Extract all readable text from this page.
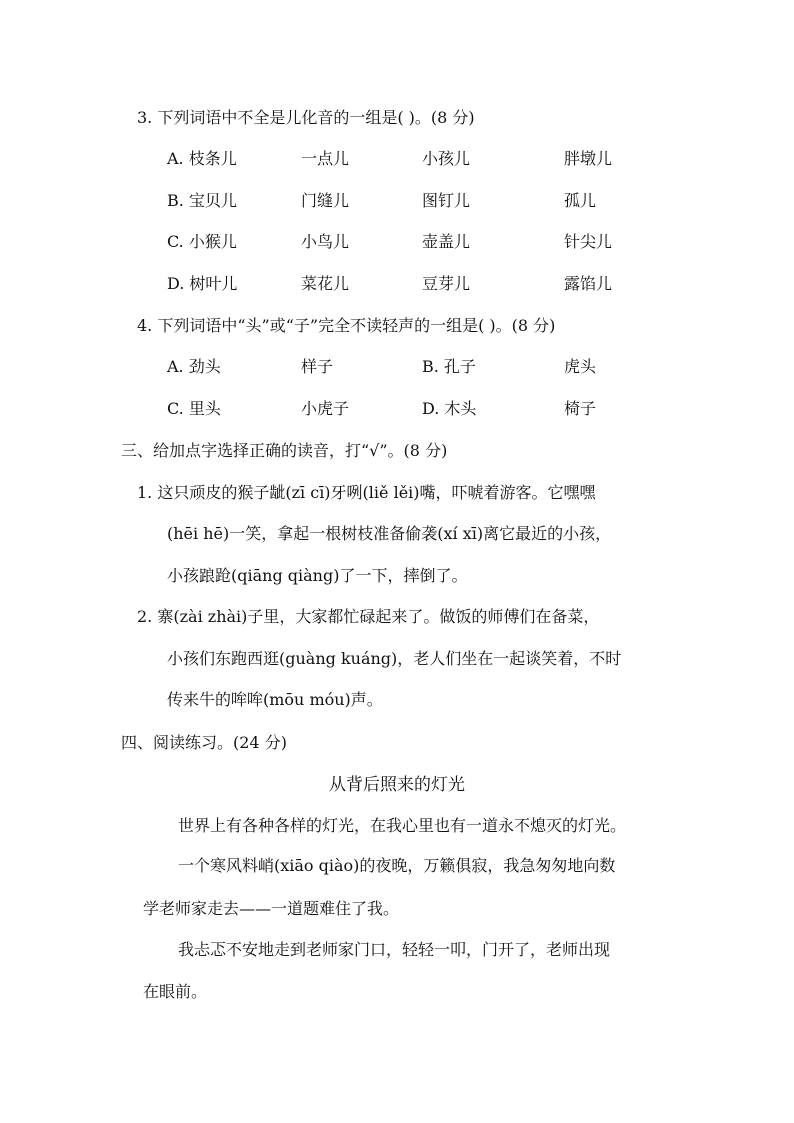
3. 下列词语中不全是儿化音的一组是( )。(8 分)
A. 枝条儿	一点儿	小孩儿	胖墩儿
B. 宝贝儿	门缝儿	图钉儿	孤儿
C. 小猴儿	小鸟儿	壶盖儿	针尖儿
D. 树叶儿	菜花儿	豆芽儿	露馅儿
4. 下列词语中“头”或“子”完全不读轻声的一组是( )。(8 分)
A. 劲头	样子	B. 孔子	虎头
C. 里头	小虎子	D. 木头	椅子
三、给加点字选择正确的读音，打“√”。(8 分)
1. 这只顽皮的猴子龇(zī cī)牙咧(liě lěi)嘴，吓唬着游客。它嘿嘿
(hēi hē)一笑，拿起一根树枝准备偷袭(xí xī)离它最近的小孩，
小孩踉跄(qiāng qiàng)了一下，摔倒了。
2. 寨(zài zhài)子里，大家都忙碌起来了。做饭的师傅们在备菜，
小孩们东跑西逛(guàng kuáng)，老人们坐在一起谈笑着，不时
传来牛的哞哞(mōu móu)声。
四、阅读练习。(24 分)
从背后照来的灯光
世界上有各种各样的灯光，在我心里也有一道永不熄灭的灯光。
一个寒风料峭(xiāo qiào)的夜晚，万籁俱寂，我急匆匆地向数
学老师家走去——一道题难住了我。
我忐忑不安地走到老师家门口，轻轻一叩，门开了，老师出现
在眼前。
